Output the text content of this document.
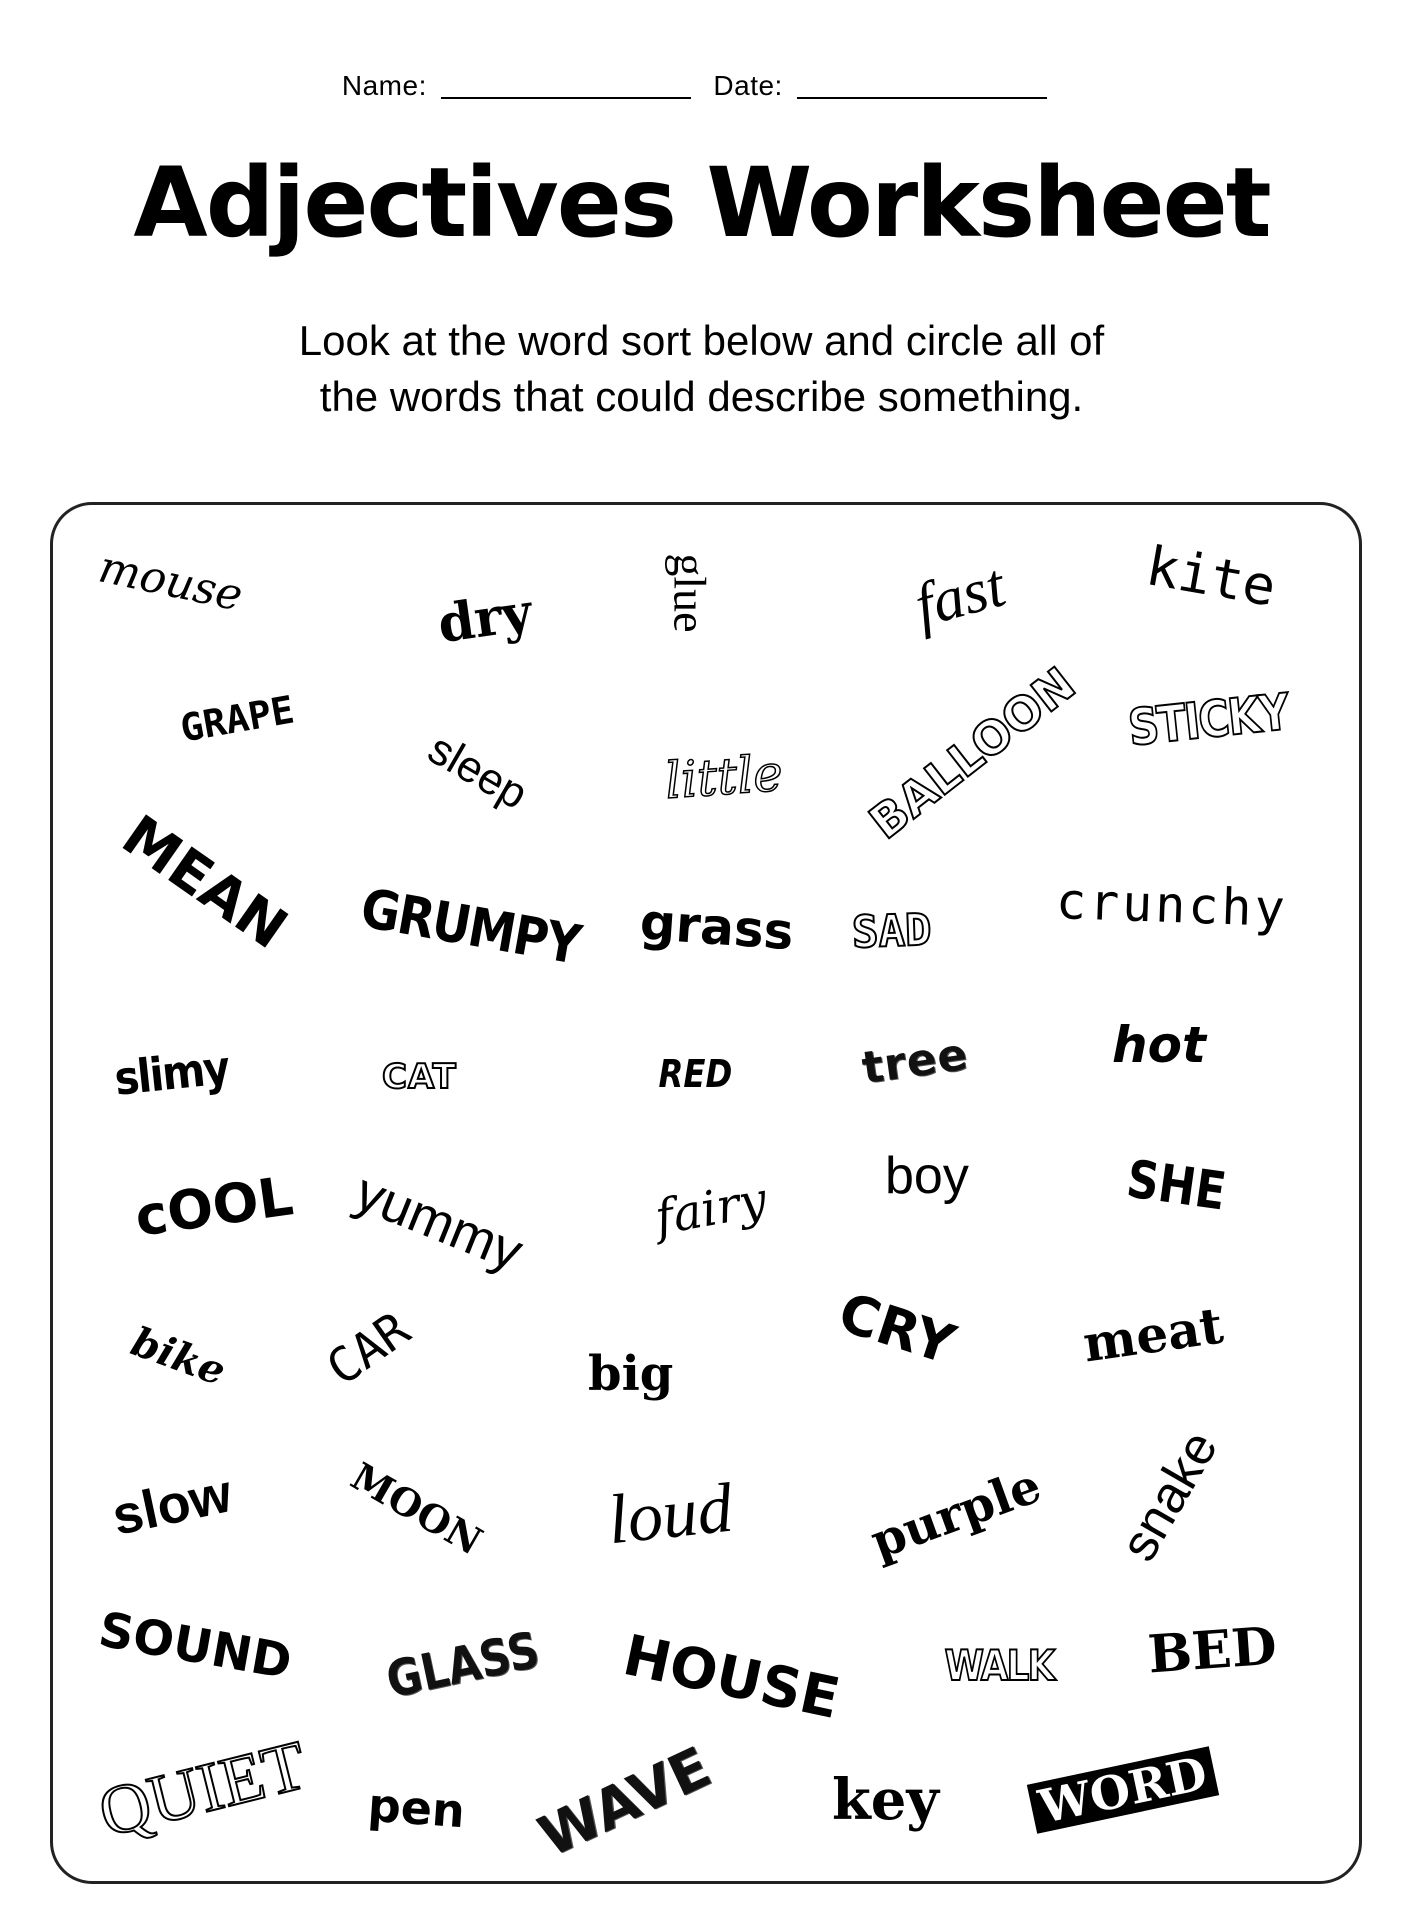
Name:	Date:
Adjectives Worksheet
Look at the word sort below and circle all of
the words that could describe something.
mouse	dry	glue	fast kite
GRAPE
sleep	little BALLOON STICKY
MEAN GRUMPY grass SAD crunchy
slimy	CAT	RED	tree	hot
cOOL yummy	fairy boy	SHE
bike CAR	big	CRY meat
slow	MOON loud	purple snake
SOUND GLASS HOUSE WALK BED
QUIET pen WAVE key WORD
